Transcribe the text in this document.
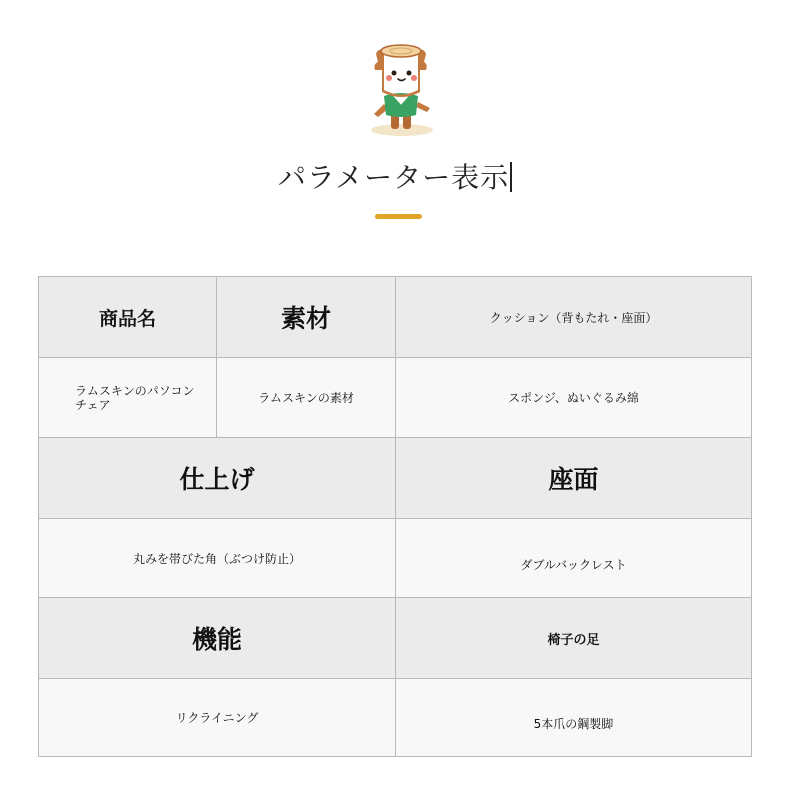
パラメーター表示
商品名	素材	クッション（背もたれ・座面）
ラムスキンのパソコンチェア	ラムスキンの素材	スポンジ、ぬいぐるみ綿
仕上げ	座面
丸みを帯びた角（ぶつけ防止）	ダブルバックレスト
機能	椅子の足
リクライニング	5本爪の鋼製脚
